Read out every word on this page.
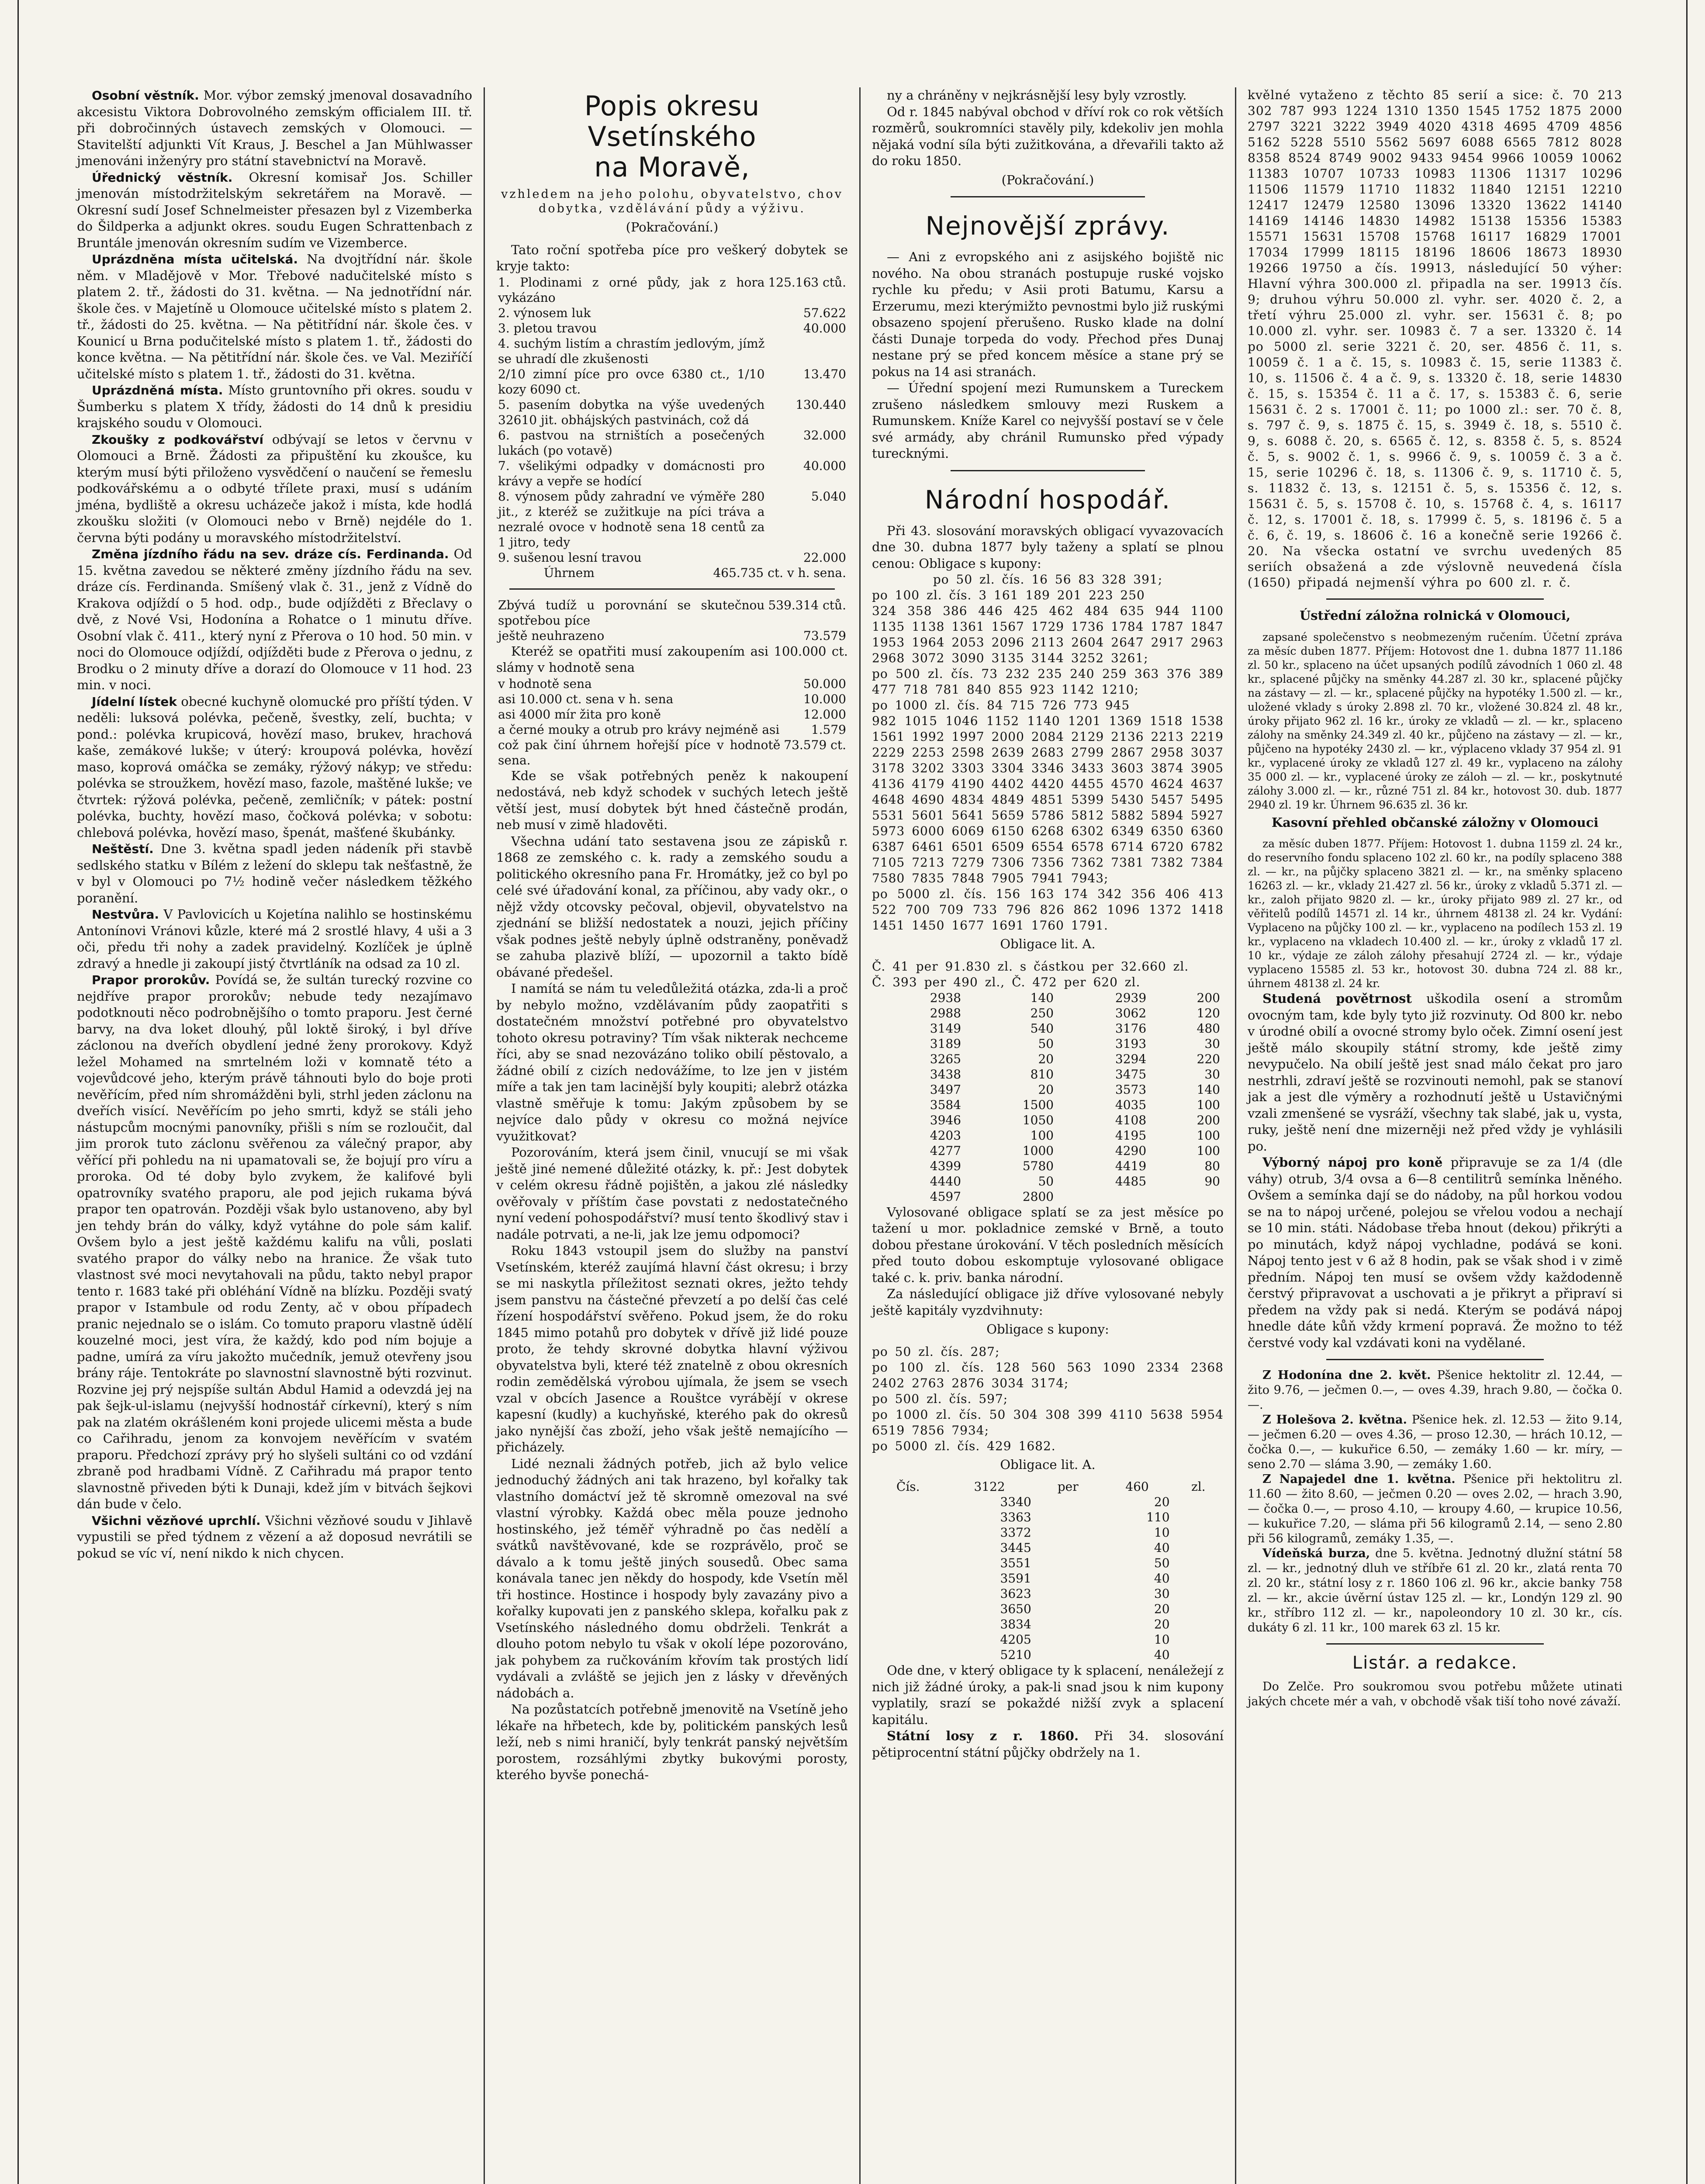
Osobní věstník. Mor. výbor zemský jmenoval dosavadního akcesistu Viktora Dobrovolného zemským officialem III. tř. při dobročinných ústavech zemských v Olomouci. — Stavitelští adjunkti Vít Kraus, J. Beschel a Jan Mühlwasser jmenováni inženýry pro státní stavebnictví na Moravě.

Úřednický věstník. Okresní komisař Jos. Schiller jmenován místodržitelským sekretářem na Moravě. — Okresní sudí Josef Schnelmeister přesazen byl z Vizemberka do Šildperka a adjunkt okres. soudu Eugen Schrattenbach z Bruntále jmenován okresním sudím ve Vizemberce.

Uprázdněna místa učitelská. Na dvojtřídní nár. škole něm. v Mladějově v Mor. Třebové nadučitelské místo s platem 2. tř., žádosti do 31. května. — Na jednotřídní nár. škole čes. v Majetíně u Olomouce učitelské místo s platem 2. tř., žádosti do 25. května. — Na pětitřídní nár. škole čes. v Kounicí u Brna podučitelské místo s platem 1. tř., žádosti do konce května. — Na pětitřídní nár. škole čes. ve Val. Meziříčí učitelské místo s platem 1. tř., žádosti do 31. května.

Uprázdněná místa. Místo gruntovního při okres. soudu v Šumberku s platem X třídy, žádosti do 14 dnů k presidiu krajského soudu v Olomouci.

Zkoušky z podkovářství odbývají se letos v červnu v Olomouci a Brně. Žádosti za připuštění ku zkoušce, ku kterým musí býti přiloženo vysvědčení o naučení se řemeslu podkovářskému a o odbyté třílete praxi, musí s udáním jména, bydliště a okresu ucházeče jakož i místa, kde hodlá zkoušku složiti (v Olomouci nebo v Brně) nejdéle do 1. června býti podány u moravského místodržitelství.

Změna jízdního řádu na sev. dráze cís. Ferdinanda. Od 15. května zavedou se některé změny jízdního řádu na sev. dráze cís. Ferdinanda. Smíšený vlak č. 31., jenž z Vídně do Krakova odjíždí o 5 hod. odp., bude odjížděti z Břeclavy o dvě, z Nové Vsi, Hodonína a Rohatce o 1 minutu dříve. Osobní vlak č. 411., který nyní z Přerova o 10 hod. 50 min. v noci do Olomouce odjíždí, odjížděti bude z Přerova o jednu, z Brodku o 2 minuty dříve a dorazí do Olomouce v 11 hod. 23 min. v noci.

Jídelní lístek obecné kuchyně olomucké pro příští týden. V neděli: luksová polévka, pečeně, švestky, zelí, buchta; v pond.: polévka krupicová, hovězí maso, brukev, hrachová kaše, zemákové lukše; v úterý: kroupová polévka, hovězí maso, koprová omáčka se zemáky, rýžový nákyp; ve středu: polévka se stroužkem, hovězí maso, fazole, maštěné lukše; ve čtvrtek: rýžová polévka, pečeně, zemličník; v pátek: postní polévka, buchty, hovězí maso, čočková polévka; v sobotu: chlebová polévka, hovězí maso, špenát, mašťené škubánky.

Neštěstí. Dne 3. května spadl jeden nádeník při stavbě sedlského statku v Bílém z ležení do sklepu tak nešťastně, že v byl v Olomouci po 7½ hodině večer následkem těžkého poranění.

Nestvůra. V Pavlovicích u Kojetína nalihlo se hostinskému Antonínovi Vránovi kůzle, které má 2 srostlé hlavy, 4 uši a 3 oči, předu tři nohy a zadek pravidelný. Kozlíček je úplně zdravý a hnedle ji zakoupí jistý čtvrtláník na odsad za 10 zl.

Prapor prorokův. Povídá se, že sultán turecký rozvine co nejdříve prapor prorokův; nebude tedy nezajímavo podotknouti něco podrobnějšího o tomto praporu. Jest černé barvy, na dva loket dlouhý, půl loktě široký, i byl dříve záclonou na dveřích obydlení jedné ženy prorokovy. Když ležel Mohamed na smrtelném loži v komnatě této a vojevůdcové jeho, kterým právě táhnouti bylo do boje proti nevěřícím, před ním shromážděni byli, strhl jeden záclonu na dveřích visící. Nevěřícím po jeho smrti, když se stáli jeho nástupcům mocnými panovníky, přišli s ním se rozloučit, dal jim prorok tuto záclonu svěřenou za válečný prapor, aby věřící při pohledu na ni upamatovali se, že bojují pro víru a proroka. Od té doby bylo zvykem, že kalifové byli opatrovníky svatého praporu, ale pod jejich rukama bývá prapor ten opatrován. Později však bylo ustanoveno, aby byl jen tehdy brán do války, když vytáhne do pole sám kalif. Ovšem bylo a jest ještě každému kalifu na vůli, poslati svatého prapor do války nebo na hranice. Že však tuto vlastnost své moci nevytahovali na půdu, takto nebyl prapor tento r. 1683 také při obléhání Vídně na blízku. Později svatý prapor v Istambule od rodu Zenty, ač v obou případech pranic nejednalo se o islám. Co tomuto praporu vlastně údělí kouzelné moci, jest víra, že každý, kdo pod ním bojuje a padne, umírá za víru jakožto mučedník, jemuž otevřeny jsou brány ráje. Tentokráte po slavnostní slavnostně býti rozvinut. Rozvine jej prý nejspíše sultán Abdul Hamid a odevzdá jej na pak šejk-ul-islamu (nejvyšší hodnostář církevní), který s ním pak na zlatém okrášleném koni projede ulicemi města a bude co Cařihradu, jenom za konvojem nevěřícím v svatém praporu. Předchozí zprávy prý ho slyšeli sultáni co od vzdání zbraně pod hradbami Vídně. Z Cařihradu má prapor tento slavnostně přiveden býti k Dunaji, kdež jím v bitvách šejkovi dán bude v čelo.

Všichni vězňové uprchlí. Všichni vězňové soudu v Jihlavě vypustili se před týdnem z vězení a až doposud nevrátili se pokud se víc ví, není nikdo k nich chycen.

Popis okresu Vsetínského
na Moravě,
vzhledem na jeho polohu, obyvatelstvo, chov dobytka, vzdělávání půdy a výživu.
(Pokračování.)

Tato roční spotřeba píce pro veškerý dobytek se kryje takto:

1. Plodinami z orné půdy, jak z hora vykázáno	125.163 ctů.
2. výnosem luk	57.622
3. pletou travou	40.000
4. suchým listím a chrastím jedlovým, jímž se uhradí dle zkušenosti	
2/10 zimní píce pro ovce 6380 ct., 1/10 kozy 6090 ct.	13.470
5. pasením dobytka na výše uvedených 32610 jit. obhájských pastvinách, což dá	130.440
6. pastvou na strništích a posečených lukách (po votavě)	32.000
7. všelikými odpadky v domácnosti pro krávy a vepře se hodící	40.000
8. výnosem půdy zahradní ve výměře 280 jit., z kteréž se zužitkuje na píci tráva a nezralé ovoce v hodnotě sena 18 centů za 1 jitro, tedy	5.040
9. sušenou lesní travou	22.000
Úhrnem	465.735 ct. v h. sena.
Zbývá tudíž u porovnání se skutečnou spotřebou píce	539.314 ctů.
ještě neuhrazeno	73.579

Kteréž se opatřiti musí zakoupením asi 100.000 ct. slámy v hodnotě sena

v hodnotě sena	50.000
asi 10.000 ct. sena v h. sena	10.000
asi 4000 mír žita pro koně	12.000
a černé mouky a otrub pro krávy nejméně asi	1.579
což pak činí úhrnem hořejší píce v hodnotě sena.	73.579 ct.

Kde se však potřebných peněz k nakoupení nedostává, neb když schodek v suchých letech ještě větší jest, musí dobytek být hned částečně prodán, neb musí v zimě hladověti.

Všechna udání tato sestavena jsou ze zápisků r. 1868 ze zemského c. k. rady a zemského soudu a politického okresního pana Fr. Hromátky, jež co byl po celé své úřadování konal, za příčinou, aby vady okr., o nějž vždy otcovsky pečoval, objevil, obyvatelstvo na zjednání se bližší nedostatek a nouzi, jejich příčiny však podnes ještě nebyly úplně odstraněny, poněvadž se zahuba plazivě blíží, — upozornil a takto bídě obávané předešel.

I namítá se nám tu veledůležitá otázka, zda-li a proč by nebylo možno, vzdělávaním půdy zaopatřiti s dostatečném množství potřebné pro obyvatelstvo tohoto okresu potraviny? Tím však nikterak nechceme říci, aby se snad nezovázáno toliko obilí pěstovalo, a žádné obilí z cizích nedovážíme, to lze jen v jistém míře a tak jen tam lacinější byly koupiti; alebrž otázka vlastně směřuje k tomu: Jakým způsobem by se nejvíce dalo půdy v okresu co možná nejvíce využitkovat?

Pozorováním, která jsem činil, vnucují se mi však ještě jiné nemené důležité otázky, k. př.: Jest dobytek v celém okresu řádně pojištěn, a jakou zlé následky ověřovaly v příštím čase povstati z nedostatečného nyní vedení pohospodářství? musí tento škodlivý stav i nadále potrvati, a ne-li, jak lze jemu odpomoci?

Roku 1843 vstoupil jsem do služby na panství Vsetínském, kteréž zaujímá hlavní část okresu; i brzy se mi naskytla příležitost seznati okres, ježto tehdy jsem panstvu na částečné převzetí a po delší čas celé řízení hospodářství svěřeno. Pokud jsem, že do roku 1845 mimo potahů pro dobytek v dřívě již lidé pouze proto, že tehdy skrovné dobytka hlavní výživou obyvatelstva byli, které též znatelně z obou okresních rodin zemědělská výrobou ujímala, že jsem se vsech vzal v obcích Jasence a Rouštce vyrábějí v okrese kapesní (kudly) a kuchyňské, kterého pak do okresů jako nynější čas zboží, jeho však ještě nemajícího — přicházely.

Lidé neznali žádných potřeb, jich až bylo velice jednoduchý žádných ani tak hrazeno, byl kořalky tak vlastního domáctví jež tě skromně omezoval na své vlastní výrobky. Každá obec měla pouze jednoho hostinského, jež téměř výhradně po čas nedělí a svátků navštěvované, kde se rozprávělo, proč se dávalo a k tomu ještě jiných sousedů. Obec sama konávala tanec jen někdy do hospody, kde Vsetín měl tři hostince. Hostince i hospody byly zavazány pivo a kořalky kupovati jen z panského sklepa, kořalku pak z Vsetínského následného domu obdrželi. Tenkrát a dlouho potom nebylo tu však v okolí lépe pozorováno, jak pohybem za ručkováním křovím tak prostých lidí vydávali a zvláště se jejich jen z lásky v dřevěných nádobách a.

Na pozůstatcích potřebně jmenovitě na Vsetíně jeho lékaře na hřbetech, kde by, politickém panských lesů leží, neb s nimi hraničí, byly tenkrát panský největším porostem, rozsáhlými zbytky bukovými porosty, kterého byvše ponechá-

ny a chráněny v nejkrásnější lesy byly vzrostly.

Od r. 1845 nabýval obchod v dříví rok co rok větších rozměrů, soukromníci stavěly pily, kdekoliv jen mohla nějaká vodní síla býti zužitkována, a dřevařili takto až do roku 1850.

(Pokračování.)
Nejnovější zprávy.

— Ani z evropského ani z asijského bojiště nic nového. Na obou stranách postupuje ruské vojsko rychle ku předu; v Asii proti Batumu, Karsu a Erzerumu, mezi kterýmižto pevnostmi bylo již ruskými obsazeno spojení přerušeno. Rusko klade na dolní části Dunaje torpeda do vody. Přechod přes Dunaj nestane prý se před koncem měsíce a stane prý se pokus na 14 asi stranách.

— Úřední spojení mezi Rumunskem a Tureckem zrušeno následkem smlouvy mezi Ruskem a Rumunskem. Kníže Karel co nejvyšší postaví se v čele své armády, aby chránil Rumunsko před výpady turecknými.

Národní hospodář.

Při 43. slosování moravských obligací vyvazovacích dne 30. dubna 1877 byly taženy a splatí se plnou cenou: Obligace s kupony:

po 50 zl. čís. 16 56 83 328 391;

po 100 zl. čís. 3 161 189 201 223 250

324 358 386 446 425 462 484 635 944 1100 1135 1138 1361 1567 1729 1736 1784 1787 1847 1953 1964 2053 2096 2113 2604 2647 2917 2963 2968 3072 3090 3135 3144 3252 3261;

po 500 zl. čís. 73 232 235 240 259 363 376 389 477 718 781 840 855 923 1142 1210;

po 1000 zl. čís. 84 715 726 773 945

982 1015 1046 1152 1140 1201 1369 1518 1538 1561 1992 1997 2000 2084 2129 2136 2213 2219 2229 2253 2598 2639 2683 2799 2867 2958 3037 3178 3202 3303 3304 3346 3433 3603 3874 3905 4136 4179 4190 4402 4420 4455 4570 4624 4637 4648 4690 4834 4849 4851 5399 5430 5457 5495 5531 5601 5641 5659 5786 5812 5882 5894 5927 5973 6000 6069 6150 6268 6302 6349 6350 6360 6387 6461 6501 6509 6554 6578 6714 6720 6782 7105 7213 7279 7306 7356 7362 7381 7382 7384 7580 7835 7848 7905 7941 7943;

po 5000 zl. čís. 156 163 174 342 356 406 413 522 700 709 733 796 826 862 1096 1372 1418 1451 1450 1677 1691 1760 1791.

Obligace lit. A.

Č. 41 per 91.830 zl. s částkou per 32.660 zl.

Č. 393 per 490 zl., Č. 472 per 620 zl.

2938	140	2939	200
2988	250	3062	120
3149	540	3176	480
3189	50	3193	30
3265	20	3294	220
3438	810	3475	30
3497	20	3573	140
3584	1500	4035	100
3946	1050	4108	200
4203	100	4195	100
4277	1000	4290	100
4399	5780	4419	80
4440	50	4485	90
4597	2800		

Vylosované obligace splatí se za jest měsíce po tažení u mor. pokladnice zemské v Brně, a touto dobou přestane úrokování. V těch posledních měsících před touto dobou eskomptuje vylosované obligace také c. k. priv. banka národní.

Za následující obligace již dříve vylosované nebyly ještě kapitály vyzdvihnuty:

Obligace s kupony:

po 50 zl. čís. 287;

po 100 zl. čís. 128 560 563 1090 2334 2368 2402 2763 2876 3034 3174;

po 500 zl. čís. 597;

po 1000 zl. čís. 50 304 308 399 4110 5638 5954 6519 7856 7934;

po 5000 zl. čís. 429 1682.

Obligace lit. A.
Čís.	3122	per	460	zl.
	3340		20	
	3363		110	
	3372		10	
	3445		40	
	3551		50	
	3591		40	
	3623		30	
	3650		20	
	3834		20	
	4205		10	
	5210		40	

Ode dne, v který obligace ty k splacení, nenáležejí z nich již žádné úroky, a pak-li snad jsou k nim kupony vyplatily, srazí se pokaždé nižší zvyk a splacení kapitálu.

Státní losy z r. 1860. Při 34. slosování pětiprocentní státní půjčky obdržely na 1.

kvělné vytaženo z těchto 85 serií a sice: č. 70 213 302 787 993 1224 1310 1350 1545 1752 1875 2000 2797 3221 3222 3949 4020 4318 4695 4709 4856 5162 5228 5510 5562 5697 6088 6565 7812 8028 8358 8524 8749 9002 9433 9454 9966 10059 10062 11383 10707 10733 10983 11306 11317 10296 11506 11579 11710 11832 11840 12151 12210 12417 12479 12580 13096 13320 13622 14140 14169 14146 14830 14982 15138 15356 15383 15571 15631 15708 15768 16117 16829 17001 17034 17999 18115 18196 18606 18673 18930 19266 19750 a čís. 19913, následující 50 výher: Hlavní výhra 300.000 zl. připadla na ser. 19913 čís. 9; druhou výhru 50.000 zl. vyhr. ser. 4020 č. 2, a třetí výhru 25.000 zl. vyhr. ser. 15631 č. 8; po 10.000 zl. vyhr. ser. 10983 č. 7 a ser. 13320 č. 14 po 5000 zl. serie 3221 č. 20, ser. 4856 č. 11, s. 10059 č. 1 a č. 15, s. 10983 č. 15, serie 11383 č. 10, s. 11506 č. 4 a č. 9, s. 13320 č. 18, serie 14830 č. 15, s. 15354 č. 11 a č. 17, s. 15383 č. 6, serie 15631 č. 2 s. 17001 č. 11; po 1000 zl.: ser. 70 č. 8, s. 797 č. 9, s. 1875 č. 15, s. 3949 č. 18, s. 5510 č. 9, s. 6088 č. 20, s. 6565 č. 12, s. 8358 č. 5, s. 8524 č. 5, s. 9002 č. 1, s. 9966 č. 9, s. 10059 č. 3 a č. 15, serie 10296 č. 18, s. 11306 č. 9, s. 11710 č. 5, s. 11832 č. 13, s. 12151 č. 5, s. 15356 č. 12, s. 15631 č. 5, s. 15708 č. 10, s. 15768 č. 4, s. 16117 č. 12, s. 17001 č. 18, s. 17999 č. 5, s. 18196 č. 5 a č. 6, č. 19, s. 18606 č. 16 a konečně serie 19266 č. 20. Na všecka ostatní ve svrchu uvedených 85 seriích obsažená a zde výslovně neuvedená čísla (1650) připadá nejmenší výhra po 600 zl. r. č.

Ústřední záložna rolnická v Olomouci,

zapsané společenstvo s neobmezeným ručením. Účetní zpráva za měsíc duben 1877. Příjem: Hotovost dne 1. dubna 1877 11.186 zl. 50 kr., splaceno na účet upsaných podílů závodních 1 060 zl. 48 kr., splacené půjčky na směnky 44.287 zl. 30 kr., splacené půjčky na zástavy — zl. — kr., splacené půjčky na hypotéky 1.500 zl. — kr., uložené vklady s úroky 2.898 zl. 70 kr., vložené 30.824 zl. 48 kr., úroky přijato 962 zl. 16 kr., úroky ze vkladů — zl. — kr., splaceno zálohy na směnky 24.349 zl. 40 kr., půjčeno na zástavy — zl. — kr., půjčeno na hypotéky 2430 zl. — kr., výplaceno vklady 37 954 zl. 91 kr., vyplacené úroky ze vkladů 127 zl. 49 kr., vyplaceno na zálohy 35 000 zl. — kr., vyplacené úroky ze záloh — zl. — kr., poskytnuté zálohy 3.000 zl. — kr., různé 751 zl. 84 kr., hotovost 30. dub. 1877 2940 zl. 19 kr. Úhrnem 96.635 zl. 36 kr.

Kasovní přehled občanské záložny v Olomouci

za měsíc duben 1877. Příjem: Hotovost 1. dubna 1159 zl. 24 kr., do reservního fondu splaceno 102 zl. 60 kr., na podíly splaceno 388 zl. — kr., na půjčky splaceno 3821 zl. — kr., na směnky splaceno 16263 zl. — kr., vklady 21.427 zl. 56 kr., úroky z vkladů 5.371 zl. — kr., zaloh přijato 9820 zl. — kr., úroky přijato 989 zl. 27 kr., od věřitelů podílů 14571 zl. 14 kr., úhrnem 48138 zl. 24 kr. Vydání: Vyplaceno na půjčky 100 zl. — kr., vyplaceno na podílech 153 zl. 19 kr., vyplaceno na vkladech 10.400 zl. — kr., úroky z vkladů 17 zl. 10 kr., výdaje ze záloh zálohy přesahují 2724 zl. — kr., výdaje vyplaceno 15585 zl. 53 kr., hotovost 30. dubna 724 zl. 88 kr., úhrnem 48138 zl. 24 kr.

Studená povětrnost uškodila osení a stromům ovocným tam, kde byly tyto již rozvinuty. Od 800 kr. nebo v úrodné obilí a ovocné stromy bylo oček. Zimní osení jest ještě málo skoupily státní stromy, kde ještě zimy nevypučelo. Na obilí ještě jest snad málo čekat pro jaro nestrhli, zdraví ještě se rozvinouti nemohl, pak se stanoví jak a jest dle výměry a rozhodnutí ještě u Ustavičnými vzali zmenšené se vysráží, všechny tak slabé, jak u, vysta, ruky, ještě není dne mizerněji než před vždy je vyhlásili po.

Výborný nápoj pro koně připravuje se za 1/4 (dle váhy) otrub, 3/4 ovsa a 6—8 centilitrů semínka lněného. Ovšem a semínka dají se do nádoby, na půl horkou vodou se na to nápoj určené, polejou se vřelou vodou a nechají se 10 min. státi. Nádobase třeba hnout (dekou) přikrýti a po minutách, když nápoj vychladne, podává se koni. Nápoj tento jest v 6 až 8 hodin, pak se však shod i v zimě předním. Nápoj ten musí se ovšem vždy každodenně čerstvý připravovat a uschovati a je přikryt a připraví si předem na vždy pak si nedá. Kterým se podává nápoj hnedle dáte kůň vždy krmení popravá. Že možno to též čerstvé vody kal vzdávati koni na vydělané.

Z Hodonína dne 2. květ. Pšenice hektolitr zl. 12.44, — žito 9.76, — ječmen 0.—, — oves 4.39, hrach 9.80, — čočka 0.—.

Z Holešova 2. května. Pšenice hek. zl. 12.53 — žito 9.14, — ječmen 6.20 — oves 4.36, — proso 12.30, — hrách 10.12, — čočka 0.—, — kukuřice 6.50, — zemáky 1.60 — kr. míry, — seno 2.70 — sláma 3.90, — zemáky 1.60.

Z Napajedel dne 1. května. Pšenice při hektolitru zl. 11.60 — žito 8.60, — ječmen 0.20 — oves 2.02, — hrach 3.90, — čočka 0.—, — proso 4.10, — kroupy 4.60, — krupice 10.56, — kukuřice 7.20, — sláma při 56 kilogramů 2.14, — seno 2.80 při 56 kilogramů, zemáky 1.35, —.

Vídeňská burza, dne 5. května. Jednotný dlužní státní 58 zl. — kr., jednotný dluh ve stříbře 61 zl. 20 kr., zlatá renta 70 zl. 20 kr., státní losy z r. 1860 106 zl. 96 kr., akcie banky 758 zl. — kr., akcie úvěrní ústav 125 zl. — kr., Londýn 129 zl. 90 kr., stříbro 112 zl. — kr., napoleondory 10 zl. 30 kr., cís. dukáty 6 zl. 11 kr., 100 marek 63 zl. 15 kr.

Listár. a redakce.

Do Zelče. Pro soukromou svou potřebu můžete utinati jakých chcete mér a vah, v obchodě však tiší toho nové závaží.
